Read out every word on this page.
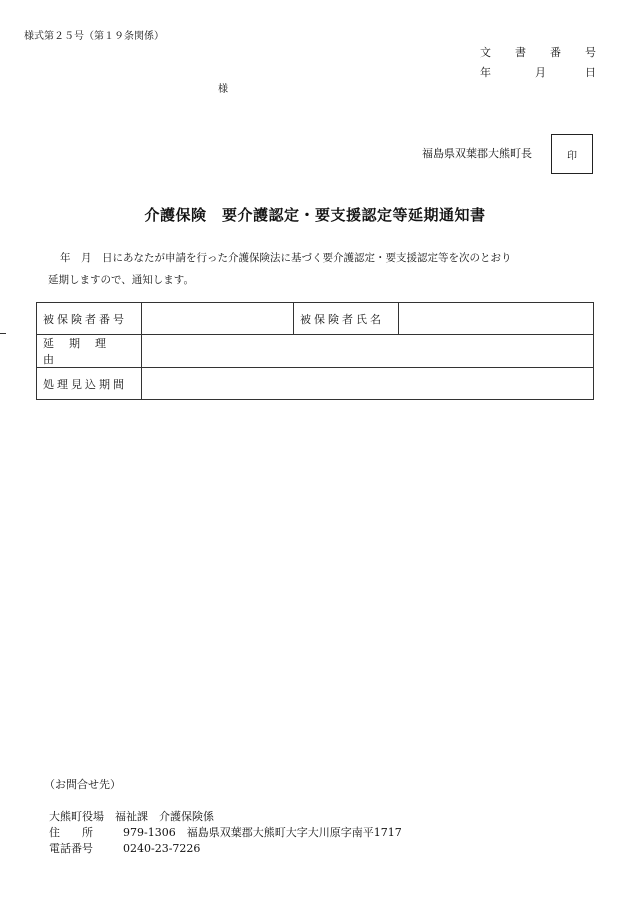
様式第２５号（第１９条関係）
文 書 番 号
年	月	日
様
福島県双葉郡大熊町長	印
介護保険　要介護認定・要支援認定等延期通知書
年　月　日にあなたが申請を行った介護保険法に基づく要介護認定・要支援認定等を次のとおり
延期しますので、通知します。
被保険者番号		被保険者氏名	
延期理由			
処理見込期間			
（お問合せ先）
大熊町役場　福祉課　介護保険係
住　　所	979-1306　福島県双葉郡大熊町大字大川原字南平1717
電話番号	0240-23-7226
